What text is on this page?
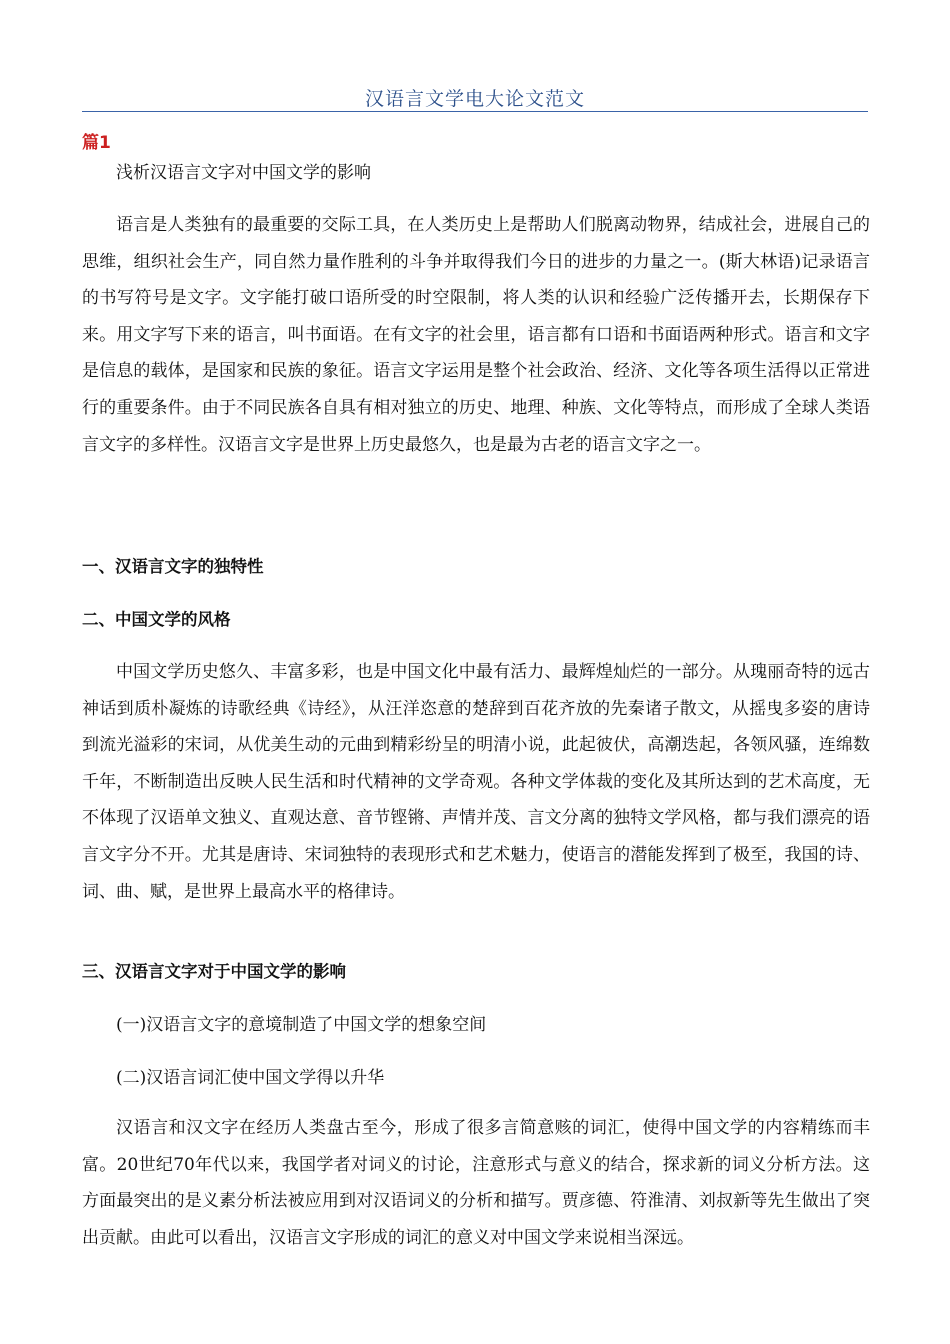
汉语言文学电大论文范文
篇1
浅析汉语言文字对中国文学的影响
语言是人类独有的最重要的交际工具，在人类历史上是帮助人们脱离动物界，结成社会，进展自己的思维，组织社会生产，同自然力量作胜利的斗争并取得我们今日的进步的力量之一。(斯大林语)记录语言的书写符号是文字。文字能打破口语所受的时空限制，将人类的认识和经验广泛传播开去，长期保存下来。用文字写下来的语言，叫书面语。在有文字的社会里，语言都有口语和书面语两种形式。语言和文字是信息的载体，是国家和民族的象征。语言文字运用是整个社会政治、经济、文化等各项生活得以正常进行的重要条件。由于不同民族各自具有相对独立的历史、地理、种族、文化等特点，而形成了全球人类语言文字的多样性。汉语言文字是世界上历史最悠久，也是最为古老的语言文字之一。
一、汉语言文字的独特性
二、中国文学的风格
中国文学历史悠久、丰富多彩，也是中国文化中最有活力、最辉煌灿烂的一部分。从瑰丽奇特的远古神话到质朴凝炼的诗歌经典《诗经》，从汪洋恣意的楚辞到百花齐放的先秦诸子散文，从摇曳多姿的唐诗到流光溢彩的宋词，从优美生动的元曲到精彩纷呈的明清小说，此起彼伏，高潮迭起，各领风骚，连绵数千年，不断制造出反映人民生活和时代精神的文学奇观。各种文学体裁的变化及其所达到的艺术高度，无不体现了汉语单文独义、直观达意、音节铿锵、声情并茂、言文分离的独特文学风格，都与我们漂亮的语言文字分不开。尤其是唐诗、宋词独特的表现形式和艺术魅力，使语言的潜能发挥到了极至，我国的诗、词、曲、赋，是世界上最高水平的格律诗。
三、汉语言文字对于中国文学的影响
(一)汉语言文字的意境制造了中国文学的想象空间
(二)汉语言词汇使中国文学得以升华
汉语言和汉文字在经历人类盘古至今，形成了很多言简意赅的词汇，使得中国文学的内容精练而丰富。20世纪70年代以来，我国学者对词义的讨论，注意形式与意义的结合，探求新的词义分析方法。这方面最突出的是义素分析法被应用到对汉语词义的分析和描写。贾彦德、符淮清、刘叔新等先生做出了突出贡献。由此可以看出，汉语言文字形成的词汇的意义对中国文学来说相当深远。
